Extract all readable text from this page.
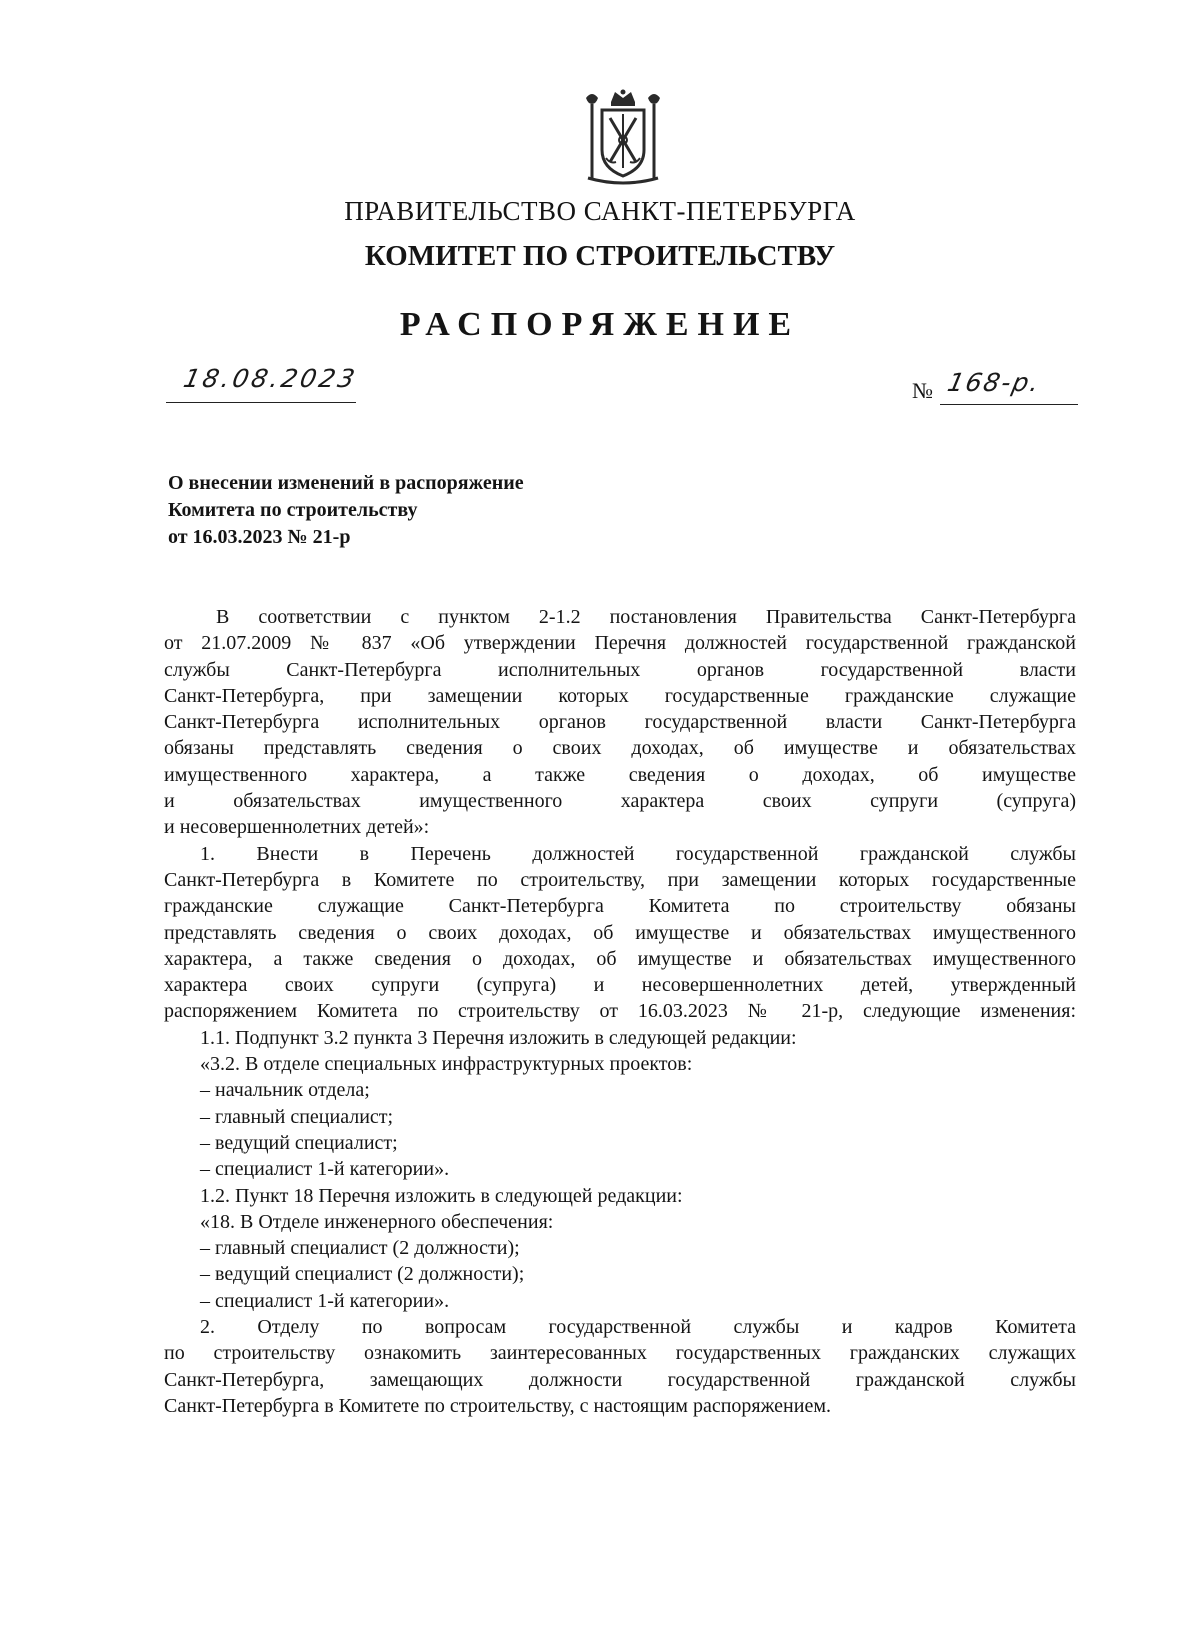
ПРАВИТЕЛЬСТВО САНКТ-ПЕТЕРБУРГА
КОМИТЕТ ПО СТРОИТЕЛЬСТВУ
РАСПОРЯЖЕНИЕ
18.08.2023	№ 168-р.
О внесении изменений в распоряжение
Комитета по строительству
от 16.03.2023 № 21-р
В соответствии с пунктом 2-1.2 постановления Правительства Санкт-Петербурга
от 21.07.2009 № 837 «Об утверждении Перечня должностей государственной гражданской
службы Санкт-Петербурга исполнительных органов государственной власти
Санкт-Петербурга, при замещении которых государственные гражданские служащие
Санкт-Петербурга исполнительных органов государственной власти Санкт-Петербурга
обязаны представлять сведения о своих доходах, об имуществе и обязательствах
имущественного характера, а также сведения о доходах, об имуществе
и обязательствах имущественного характера своих супруги (супруга)
и несовершеннолетних детей»:
1. Внести в Перечень должностей государственной гражданской службы
Санкт-Петербурга в Комитете по строительству, при замещении которых государственные
гражданские служащие Санкт-Петербурга Комитета по строительству обязаны
представлять сведения о своих доходах, об имуществе и обязательствах имущественного
характера, а также сведения о доходах, об имуществе и обязательствах имущественного
характера своих супруги (супруга) и несовершеннолетних детей, утвержденный
распоряжением Комитета по строительству от 16.03.2023 № 21-р, следующие изменения:
1.1. Подпункт 3.2 пункта 3 Перечня изложить в следующей редакции:
«3.2. В отделе специальных инфраструктурных проектов:
– начальник отдела;
– главный специалист;
– ведущий специалист;
– специалист 1-й категории».
1.2. Пункт 18 Перечня изложить в следующей редакции:
«18. В Отделе инженерного обеспечения:
– главный специалист (2 должности);
– ведущий специалист (2 должности);
– специалист 1-й категории».
2. Отделу по вопросам государственной службы и кадров Комитета
по строительству ознакомить заинтересованных государственных гражданских служащих
Санкт-Петербурга, замещающих должности государственной гражданской службы
Санкт-Петербурга в Комитете по строительству, с настоящим распоряжением.
